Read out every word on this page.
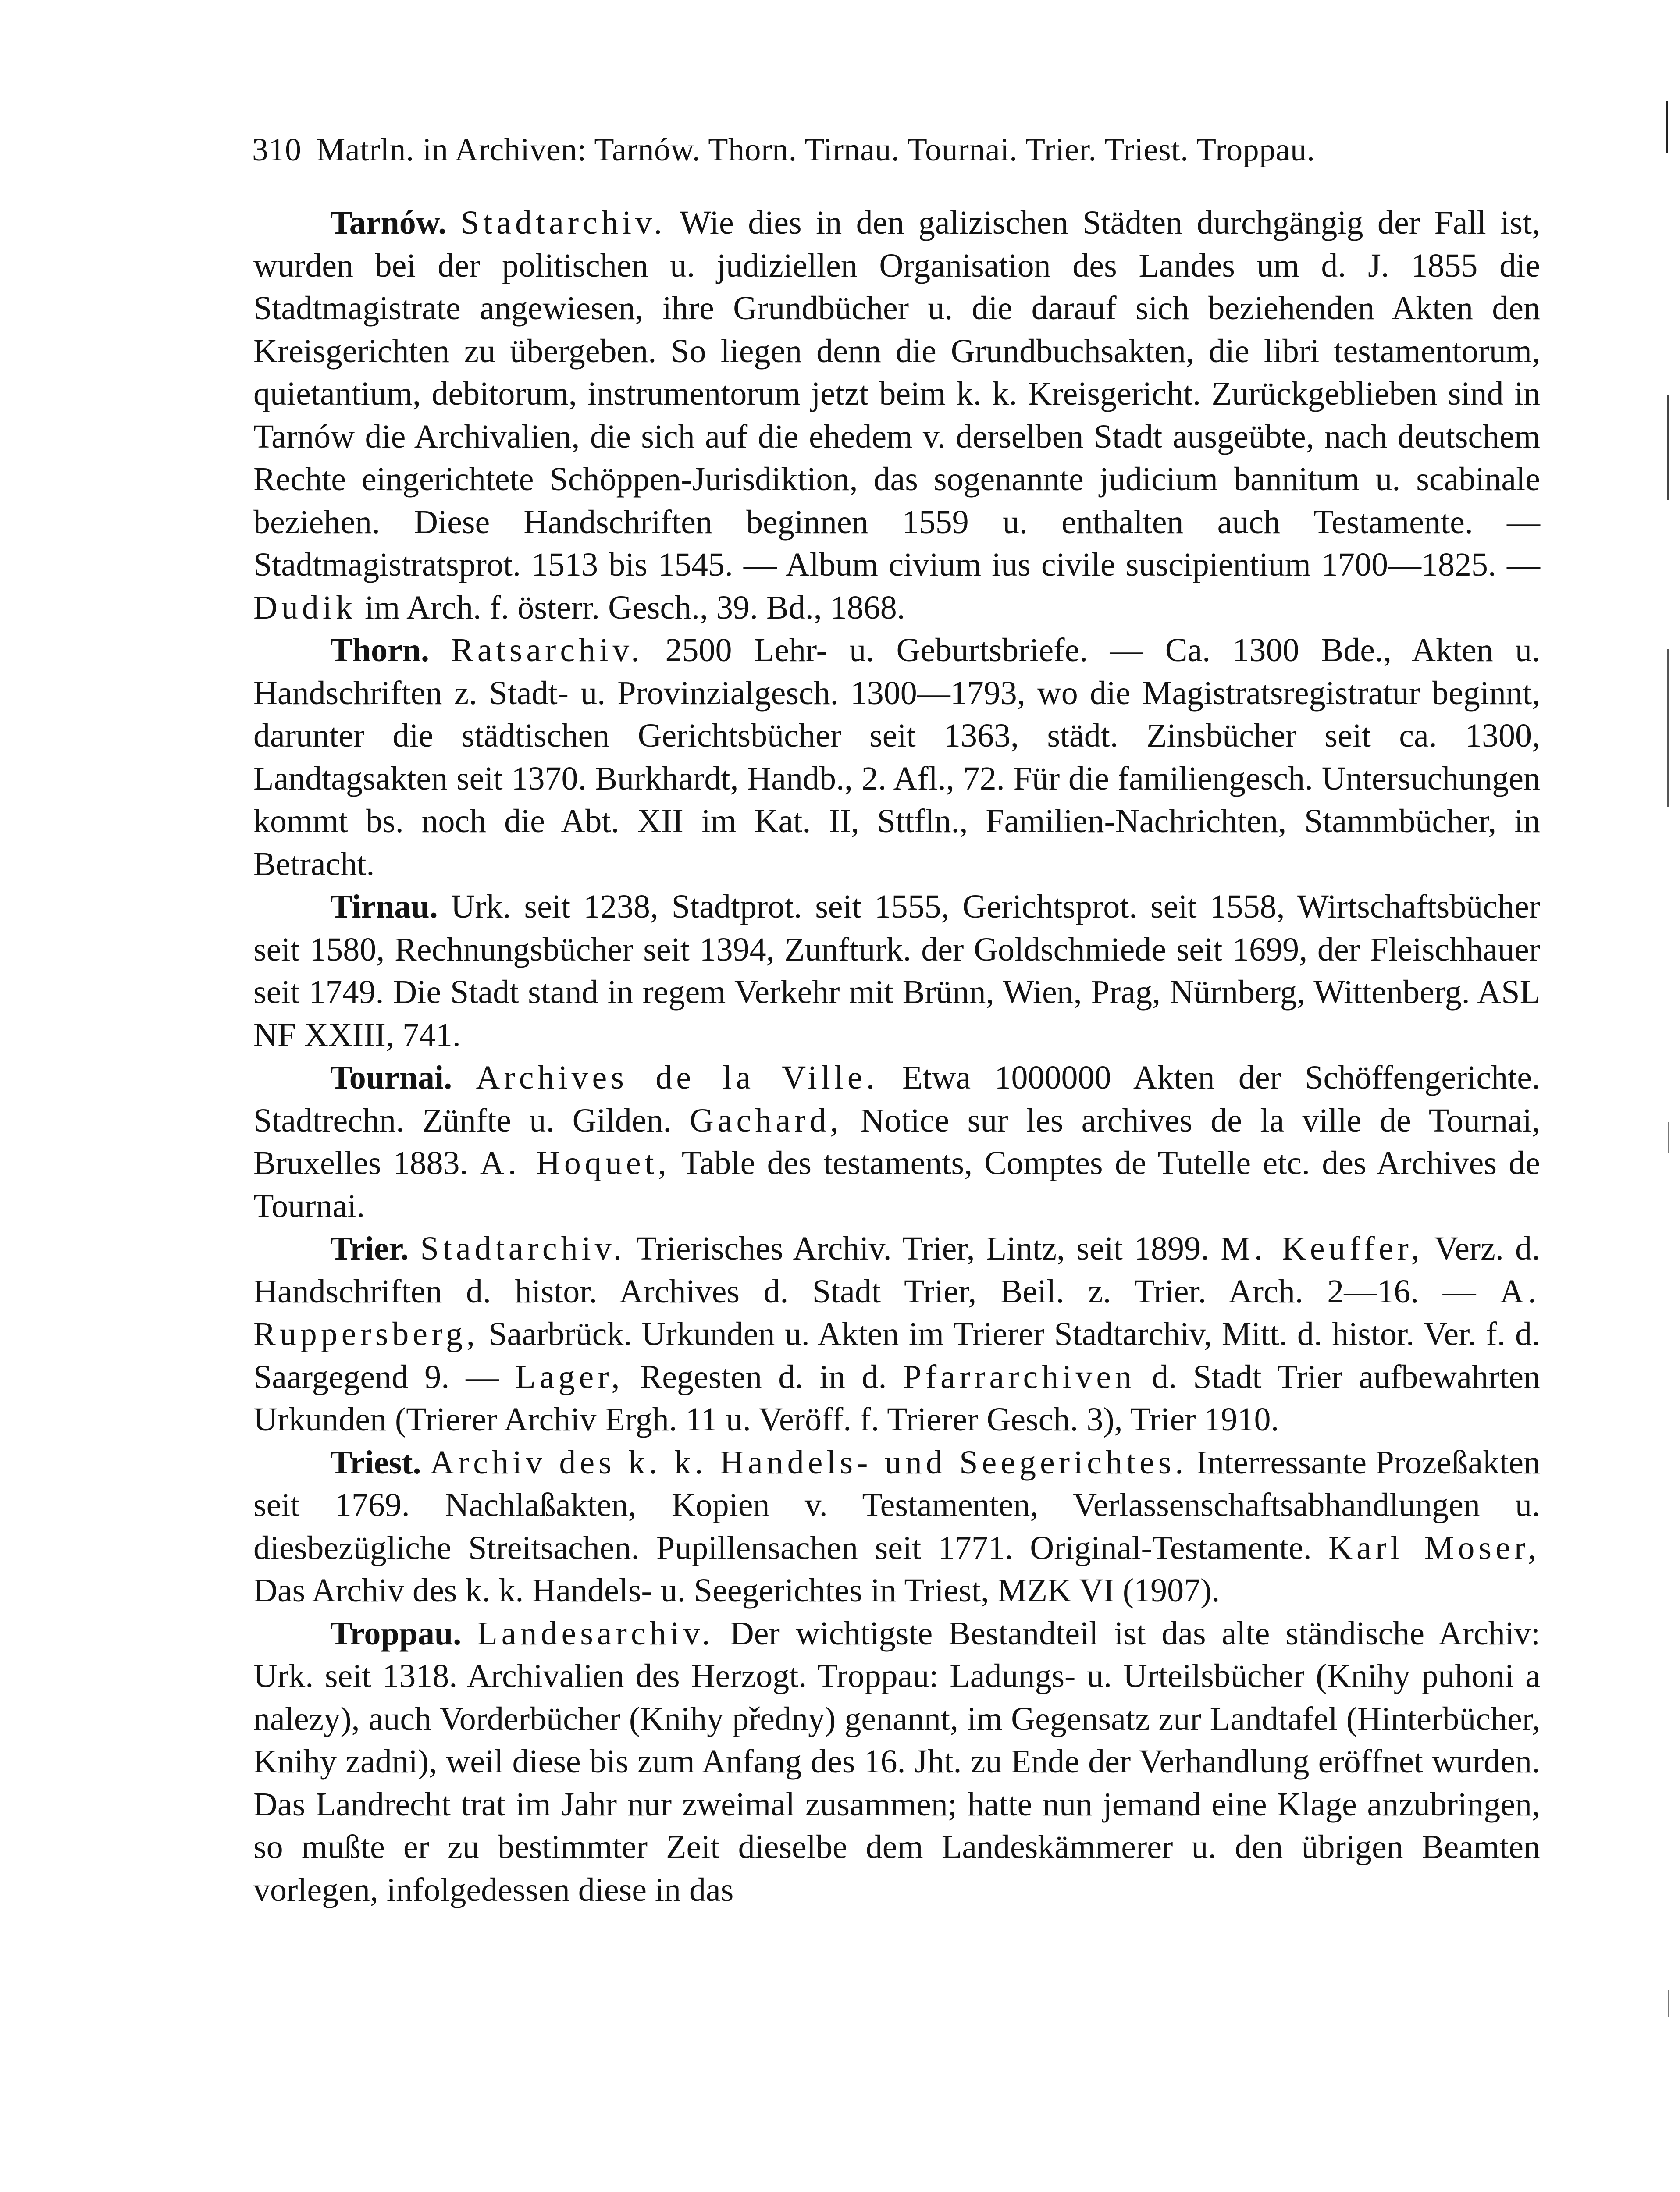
310 Matrln. in Archiven: Tarnów. Thorn. Tirnau. Tournai. Trier. Triest. Troppau.

Tarnów. Stadtarchiv. Wie dies in den galizischen Städten durchgängig der Fall ist, wurden bei der politischen u. judiziellen Organisation des Landes um d. J. 1855 die Stadtmagistrate angewiesen, ihre Grundbücher u. die darauf sich beziehenden Akten den Kreisgerichten zu übergeben. So liegen denn die Grundbuchsakten, die libri testamentorum, quietantium, debitorum, instrumentorum jetzt beim k. k. Kreisgericht. Zurückgeblieben sind in Tarnów die Archivalien, die sich auf die ehedem v. derselben Stadt ausgeübte, nach deutschem Rechte eingerichtete Schöppen-Jurisdiktion, das sogenannte judicium bannitum u. scabinale beziehen. Diese Handschriften beginnen 1559 u. enthalten auch Testamente. — Stadtmagistratsprot. 1513 bis 1545. — Album civium ius civile suscipientium 1700—1825. — Dudik im Arch. f. österr. Gesch., 39. Bd., 1868.

Thorn. Ratsarchiv. 2500 Lehr- u. Geburtsbriefe. — Ca. 1300 Bde., Akten u. Handschriften z. Stadt- u. Provinzialgesch. 1300—1793, wo die Magistratsregistratur beginnt, darunter die städtischen Gerichtsbücher seit 1363, städt. Zinsbücher seit ca. 1300, Landtagsakten seit 1370. Burkhardt, Handb., 2. Afl., 72. Für die familiengesch. Untersuchungen kommt bs. noch die Abt. XII im Kat. II, Sttfln., Familien-Nachrichten, Stammbücher, in Betracht.

Tirnau. Urk. seit 1238, Stadtprot. seit 1555, Gerichtsprot. seit 1558, Wirtschaftsbücher seit 1580, Rechnungsbücher seit 1394, Zunfturk. der Goldschmiede seit 1699, der Fleischhauer seit 1749. Die Stadt stand in regem Verkehr mit Brünn, Wien, Prag, Nürnberg, Wittenberg. ASL NF XXIII, 741.

Tournai. Archives de la Ville. Etwa 1000000 Akten der Schöffengerichte. Stadtrechn. Zünfte u. Gilden. Gachard, Notice sur les archives de la ville de Tournai, Bruxelles 1883. A. Hoquet, Table des testaments, Comptes de Tutelle etc. des Archives de Tournai.

Trier. Stadtarchiv. Trierisches Archiv. Trier, Lintz, seit 1899. M. Keuffer, Verz. d. Handschriften d. histor. Archives d. Stadt Trier, Beil. z. Trier. Arch. 2—16. — A. Ruppersberg, Saarbrück. Urkunden u. Akten im Trierer Stadtarchiv, Mitt. d. histor. Ver. f. d. Saargegend 9. — Lager, Regesten d. in d. Pfarrarchiven d. Stadt Trier aufbewahrten Urkunden (Trierer Archiv Ergh. 11 u. Veröff. f. Trierer Gesch. 3), Trier 1910.

Triest. Archiv des k. k. Handels- und Seegerichtes. Interressante Prozeßakten seit 1769. Nachlaßakten, Kopien v. Testamenten, Verlassenschaftsabhandlungen u. diesbezügliche Streitsachen. Pupillensachen seit 1771. Original-Testamente. Karl Moser, Das Archiv des k. k. Handels- u. Seegerichtes in Triest, MZK VI (1907).

Troppau. Landesarchiv. Der wichtigste Bestandteil ist das alte ständische Archiv: Urk. seit 1318. Archivalien des Herzogt. Troppau: Ladungs- u. Urteilsbücher (Knihy puhoni a nalezy), auch Vorderbücher (Knihy předny) genannt, im Gegensatz zur Landtafel (Hinterbücher, Knihy zadni), weil diese bis zum Anfang des 16. Jht. zu Ende der Verhandlung eröffnet wurden. Das Landrecht trat im Jahr nur zweimal zusammen; hatte nun jemand eine Klage anzubringen, so mußte er zu bestimmter Zeit dieselbe dem Landeskämmerer u. den übrigen Beamten vorlegen, infolgedessen diese in das
